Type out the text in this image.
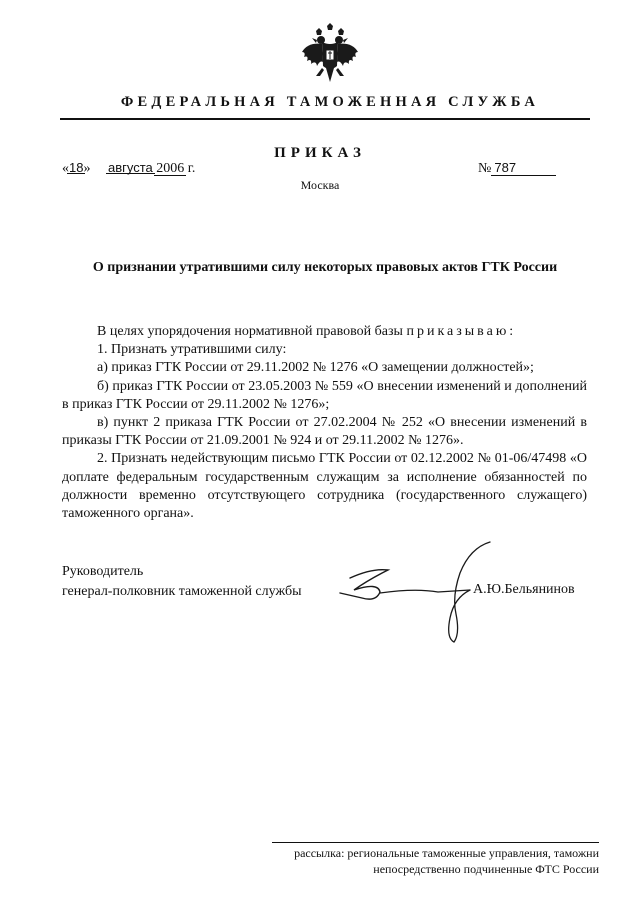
ФЕДЕРАЛЬНАЯ ТАМОЖЕННАЯ СЛУЖБА
ПРИКАЗ
«18» августа 2006 г.	№ 787
Москва
О признании утратившими силу некоторых правовых актов ГТК России

В целях упорядочения нормативной правовой базы приказываю:

1. Признать утратившими силу:

а) приказ ГТК России от 29.11.2002 № 1276 «О замещении должностей»;

б) приказ ГТК России от 23.05.2003 № 559 «О внесении изменений и дополнений в приказ ГТК России от 29.11.2002 № 1276»;

в) пункт 2 приказа ГТК России от 27.02.2004 № 252 «О внесении изменений в приказы ГТК России от 21.09.2001 № 924 и от 29.11.2002 № 1276».

2. Признать недействующим письмо ГТК России от 02.12.2002 № 01-06/47498 «О доплате федеральным государственным служащим за исполнение обязанностей по должности временно отсутствующего сотрудника (государственного служащего) таможенного органа».

Руководитель
генерал-полковник таможенной службы	А.Ю.Бельянинов
рассылка: региональные таможенные управления, таможни
непосредственно подчиненные ФТС России
